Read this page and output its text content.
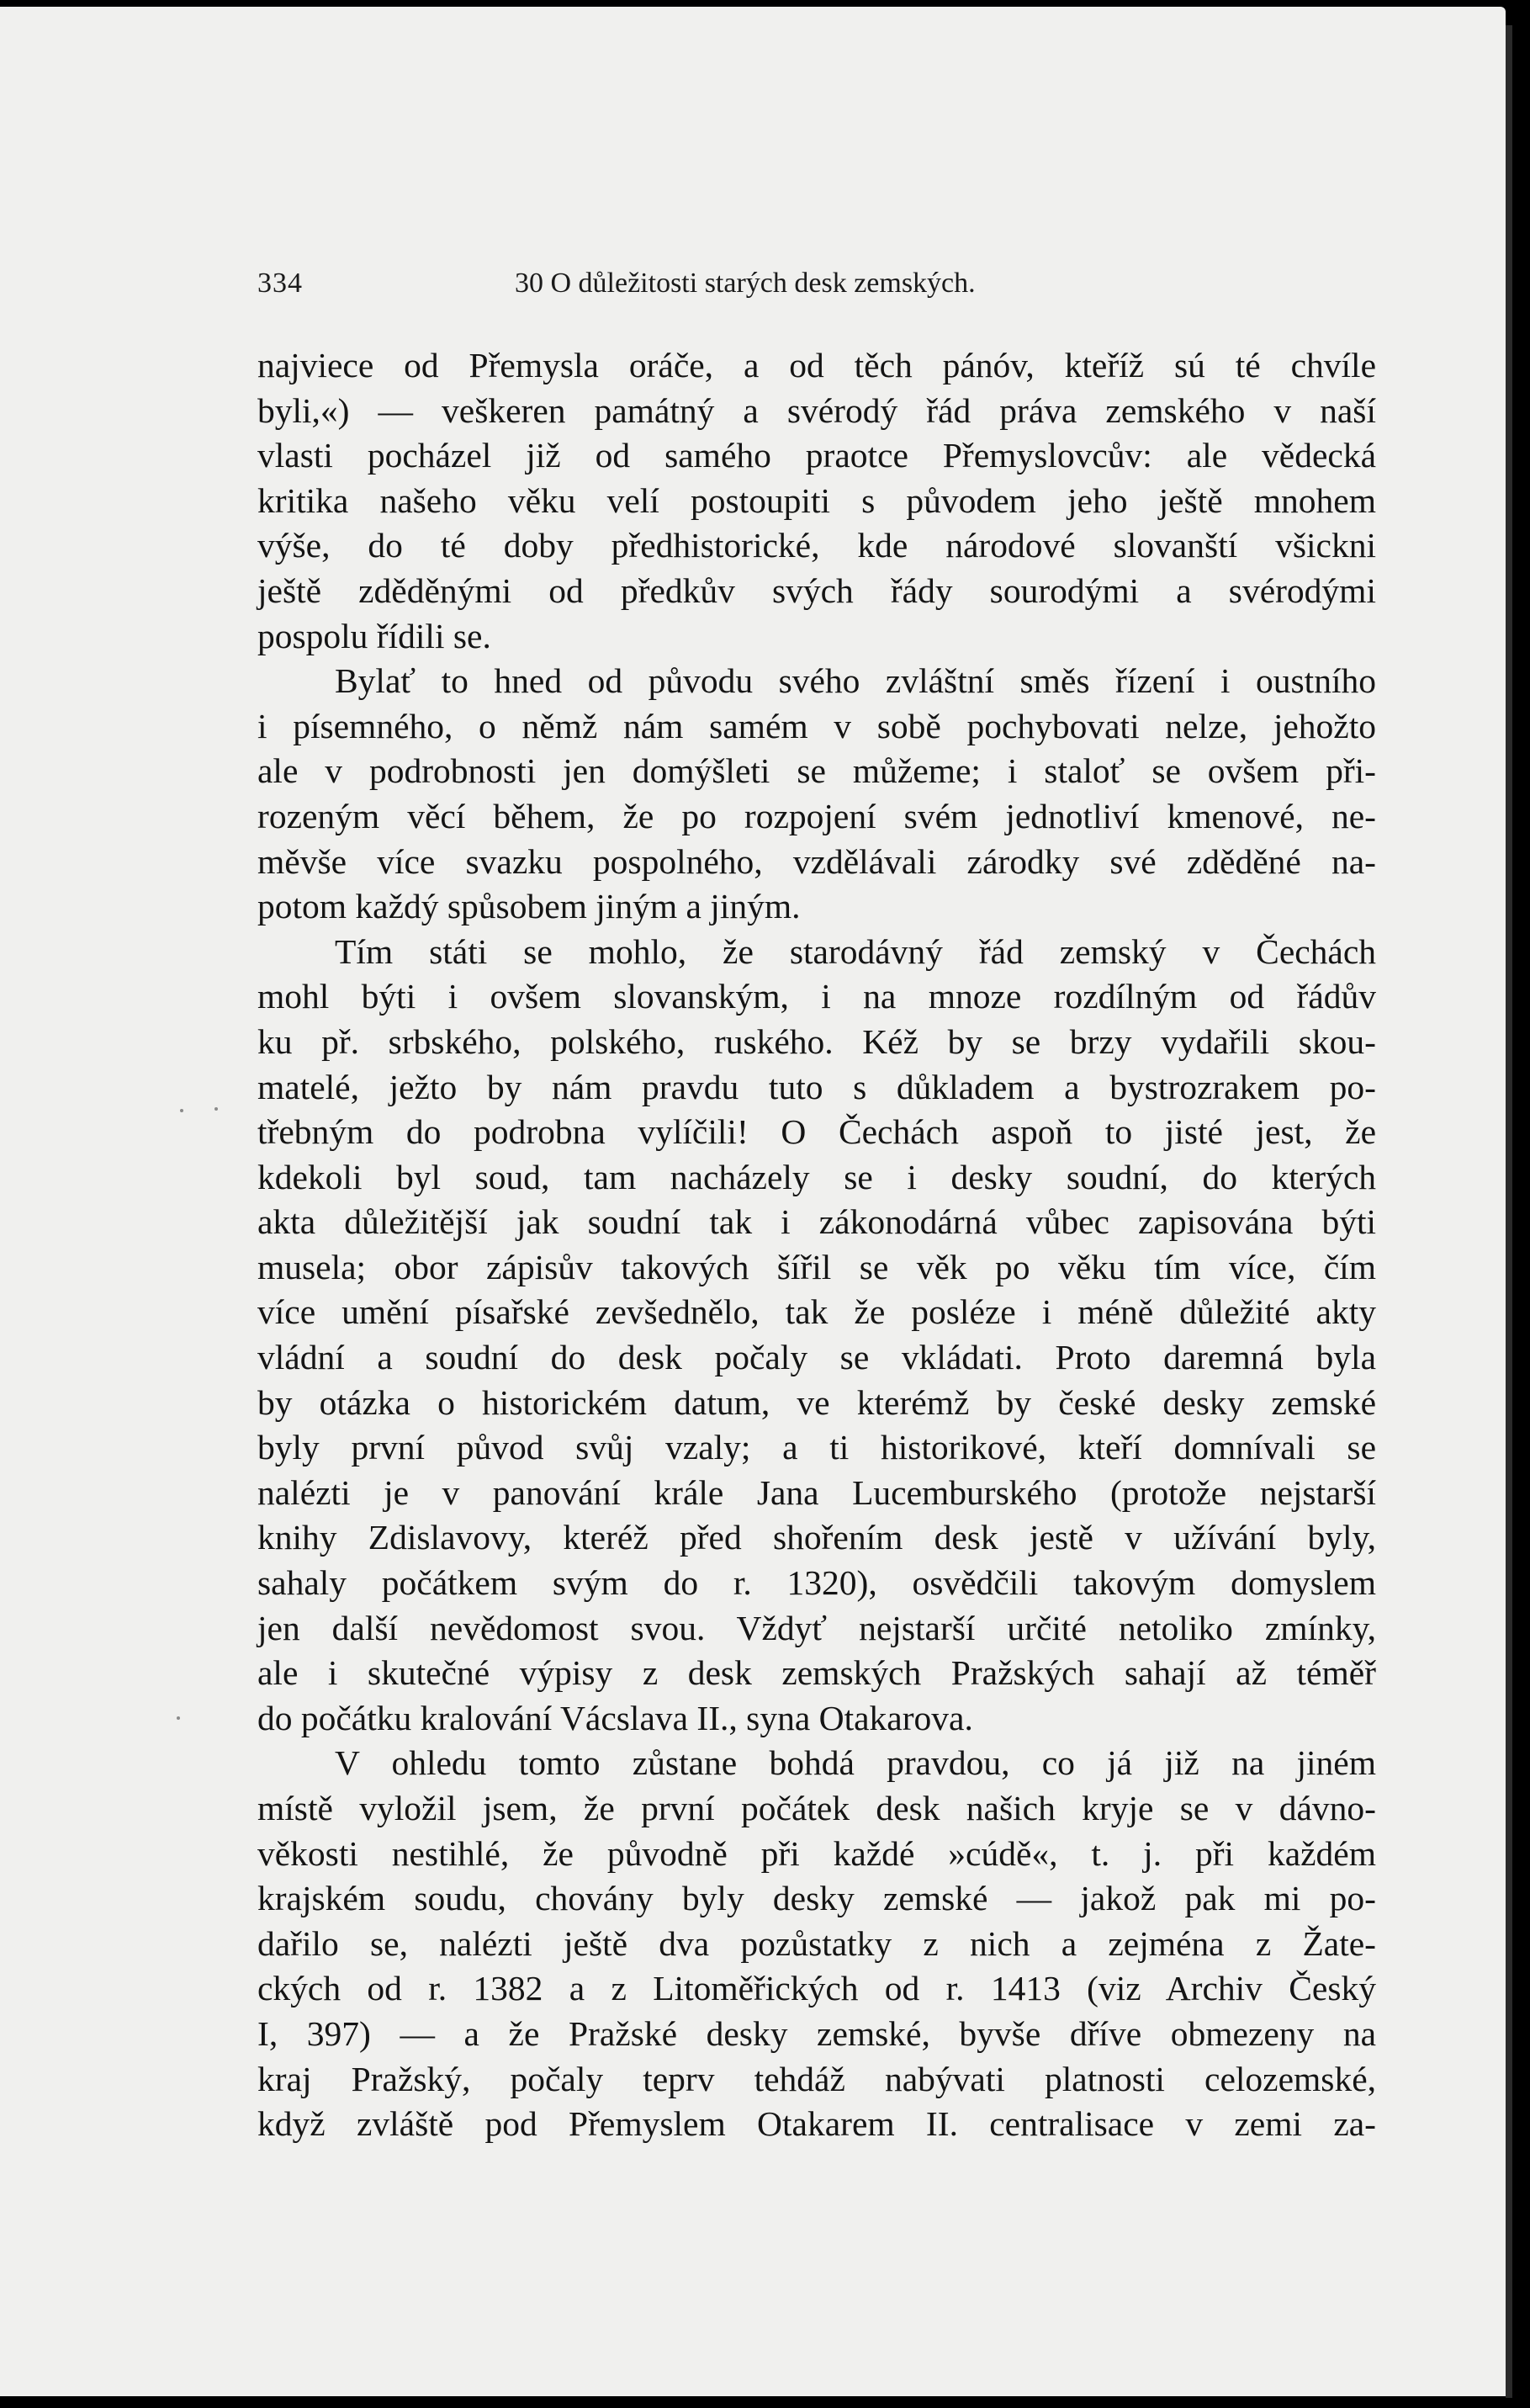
334	30 O důležitosti starých desk zemských.
najviece od Přemysla oráče, a od těch pánóv, kteříž sú té chvíle
byli,«) — veškeren památný a svérodý řád práva zemského v naší
vlasti pocházel již od samého praotce Přemyslovcův: ale vědecká
kritika našeho věku velí postoupiti s původem jeho ještě mnohem
výše, do té doby předhistorické, kde národové slovanští všickni
ještě zděděnými od předkův svých řády sourodými a svérodými
pospolu řídili se.
Bylať to hned od původu svého zvláštní směs řízení i oustního
i písemného, o němž nám samém v sobě pochybovati nelze, jehožto
ale v podrobnosti jen domýšleti se můžeme; i staloť se ovšem při-
rozeným věcí během, že po rozpojení svém jednotliví kmenové, ne-
měvše více svazku pospolného, vzdělávali zárodky své zděděné na-
potom každý spůsobem jiným a jiným.
Tím státi se mohlo, že starodávný řád zemský v Čechách
mohl býti i ovšem slovanským, i na mnoze rozdílným od řádův
ku př. srbského, polského, ruského. Kéž by se brzy vydařili skou-
matelé, ježto by nám pravdu tuto s důkladem a bystrozrakem po-
třebným do podrobna vylíčili! O Čechách aspoň to jisté jest, že
kdekoli byl soud, tam nacházely se i desky soudní, do kterých
akta důležitější jak soudní tak i zákonodárná vůbec zapisována býti
musela; obor zápisův takových šířil se věk po věku tím více, čím
více umění písařské zevšednělo, tak že posléze i méně důležité akty
vládní a soudní do desk počaly se vkládati. Proto daremná byla
by otázka o historickém datum, ve kterémž by české desky zemské
byly první původ svůj vzaly; a ti historikové, kteří domnívali se
nalézti je v panování krále Jana Lucemburského (protože nejstarší
knihy Zdislavovy, kteréž před shořením desk jestě v užívání byly,
sahaly počátkem svým do r. 1320), osvědčili takovým domyslem
jen další nevědomost svou. Vždyť nejstarší určité netoliko zmínky,
ale i skutečné výpisy z desk zemských Pražských sahají až téměř
do počátku kralování Vácslava II., syna Otakarova.
V ohledu tomto zůstane bohdá pravdou, co já již na jiném
místě vyložil jsem, že první počátek desk našich kryje se v dávno-
věkosti nestihlé, že původně při každé »cúdě«, t. j. při každém
krajském soudu, chovány byly desky zemské — jakož pak mi po-
dařilo se, nalézti ještě dva pozůstatky z nich a zejména z Žate-
ckých od r. 1382 a z Litoměřických od r. 1413 (viz Archiv Český
I, 397) — a že Pražské desky zemské, byvše dříve obmezeny na
kraj Pražský, počaly teprv tehdáž nabývati platnosti celozemské,
když zvláště pod Přemyslem Otakarem II. centralisace v zemi za-
